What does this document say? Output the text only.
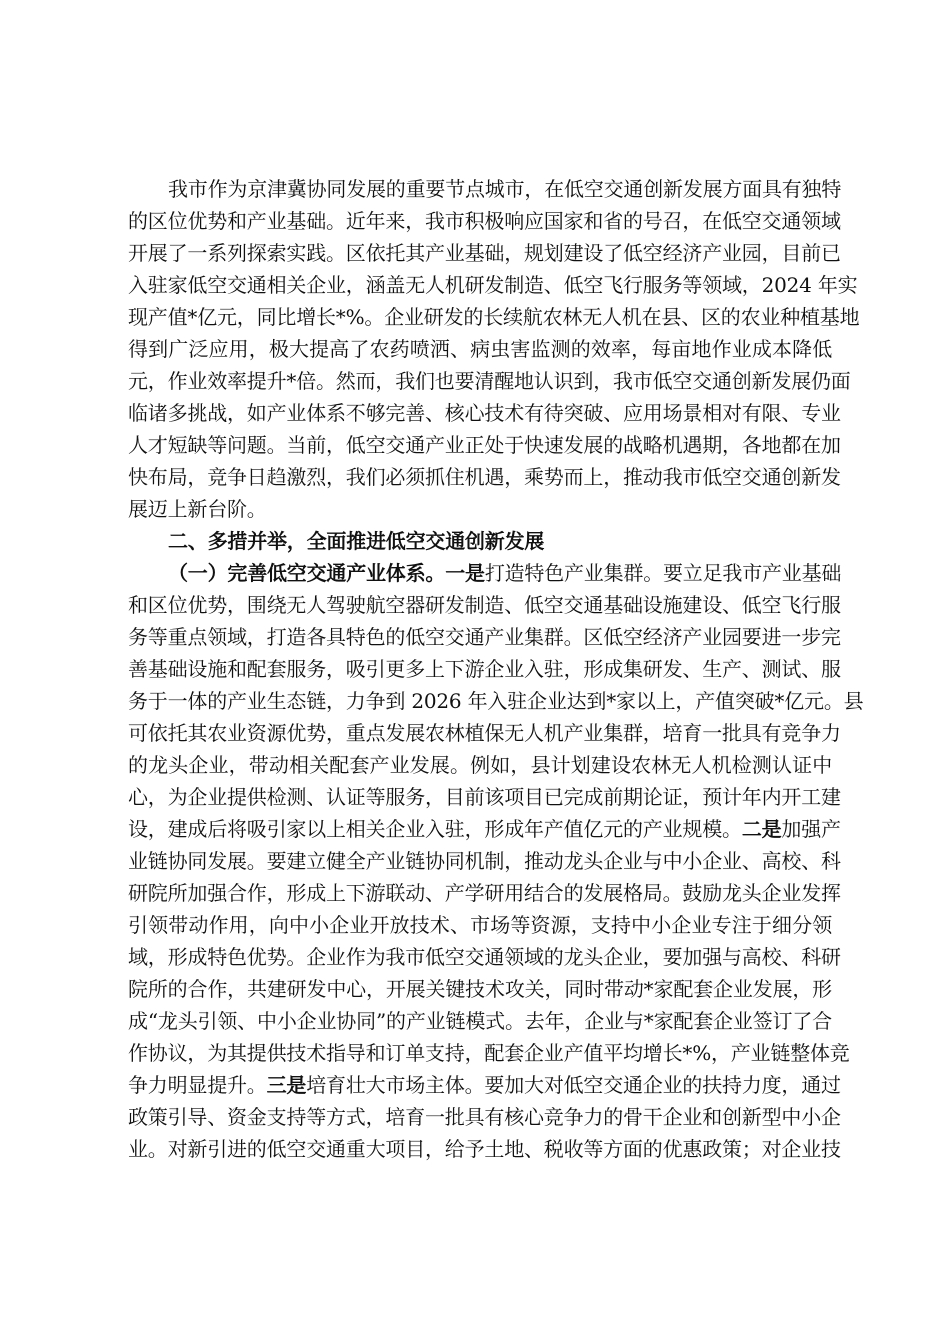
我市作为京津冀协同发展的重要节点城市，在低空交通创新发展方面具有独特
的区位优势和产业基础。近年来，我市积极响应国家和省的号召，在低空交通领域
开展了一系列探索实践。区依托其产业基础，规划建设了低空经济产业园，目前已
入驻家低空交通相关企业，涵盖无人机研发制造、低空飞行服务等领域，2024 年实
现产值*亿元，同比增长*%。企业研发的长续航农林无人机在县、区的农业种植基地
得到广泛应用，极大提高了农药喷洒、病虫害监测的效率，每亩地作业成本降低
元，作业效率提升*倍。然而，我们也要清醒地认识到，我市低空交通创新发展仍面
临诸多挑战，如产业体系不够完善、核心技术有待突破、应用场景相对有限、专业
人才短缺等问题。当前，低空交通产业正处于快速发展的战略机遇期，各地都在加
快布局，竞争日趋激烈，我们必须抓住机遇，乘势而上，推动我市低空交通创新发
展迈上新台阶。
二、多措并举，全面推进低空交通创新发展
（一）完善低空交通产业体系。一是打造特色产业集群。要立足我市产业基础
和区位优势，围绕无人驾驶航空器研发制造、低空交通基础设施建设、低空飞行服
务等重点领域，打造各具特色的低空交通产业集群。区低空经济产业园要进一步完
善基础设施和配套服务，吸引更多上下游企业入驻，形成集研发、生产、测试、服
务于一体的产业生态链，力争到 2026 年入驻企业达到*家以上，产值突破*亿元。县
可依托其农业资源优势，重点发展农林植保无人机产业集群，培育一批具有竞争力
的龙头企业，带动相关配套产业发展。例如，县计划建设农林无人机检测认证中
心，为企业提供检测、认证等服务，目前该项目已完成前期论证，预计年内开工建
设，建成后将吸引家以上相关企业入驻，形成年产值亿元的产业规模。二是加强产
业链协同发展。要建立健全产业链协同机制，推动龙头企业与中小企业、高校、科
研院所加强合作，形成上下游联动、产学研用结合的发展格局。鼓励龙头企业发挥
引领带动作用，向中小企业开放技术、市场等资源，支持中小企业专注于细分领
域，形成特色优势。企业作为我市低空交通领域的龙头企业，要加强与高校、科研
院所的合作，共建研发中心，开展关键技术攻关，同时带动*家配套企业发展，形
成“龙头引领、中小企业协同”的产业链模式。去年，企业与*家配套企业签订了合
作协议，为其提供技术指导和订单支持，配套企业产值平均增长*%，产业链整体竞
争力明显提升。三是培育壮大市场主体。要加大对低空交通企业的扶持力度，通过
政策引导、资金支持等方式，培育一批具有核心竞争力的骨干企业和创新型中小企
业。对新引进的低空交通重大项目，给予土地、税收等方面的优惠政策；对企业技
